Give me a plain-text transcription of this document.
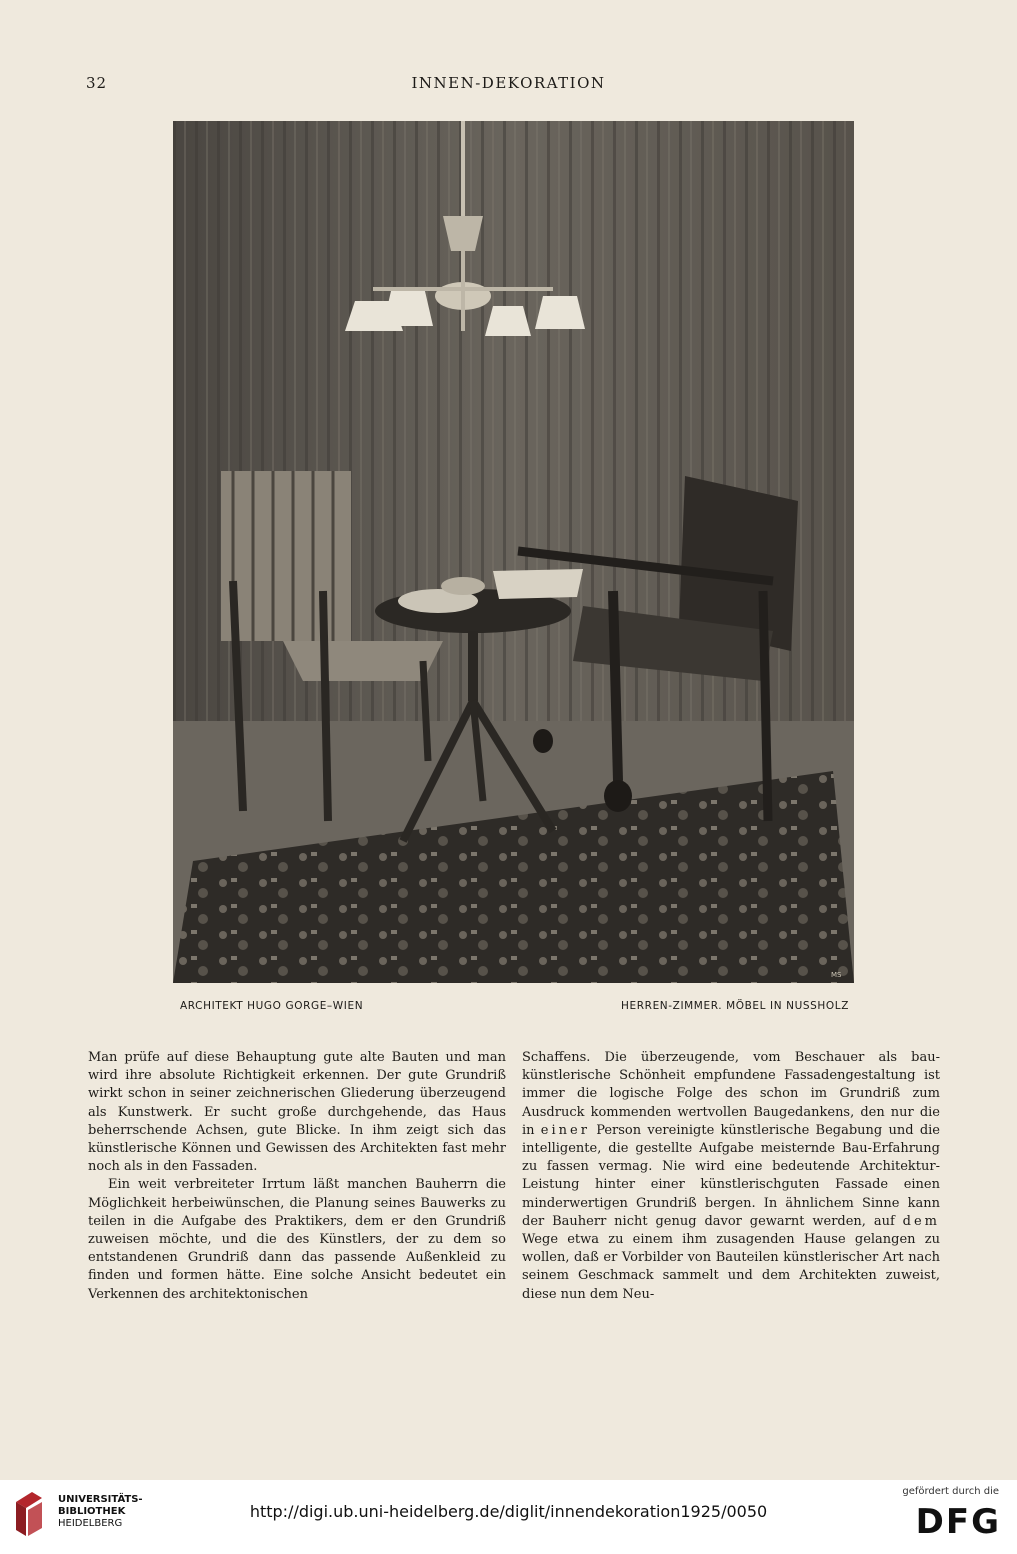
32	INNEN-DEKORATION
MS
ARCHITEKT HUGO GORGE–WIEN	HERREN-ZIMMER. MÖBEL IN NUSSHOLZ

Man prüfe auf diese Behauptung gute alte Bauten und man wird ihre absolute Richtigkeit erkennen. Der gute Grundriß wirkt schon in seiner zeichnerischen Gliederung überzeugend als Kunstwerk. Er sucht große durchgehende, das Haus beherrschende Achsen, gute Blicke. In ihm zeigt sich das künstlerische Können und Gewissen des Architekten fast mehr noch als in den Fassaden.

Ein weit verbreiteter Irrtum läßt manchen Bauherrn die Möglichkeit herbeiwünschen, die Planung seines Bauwerks zu teilen in die Aufgabe des Praktikers, dem er den Grundriß zuweisen möchte, und die des Künstlers, der zu dem so entstandenen Grundriß dann das passende Außenkleid zu finden und formen hätte. Eine solche Ansicht bedeutet ein Verkennen des architektonischen

Schaffens. Die überzeugende, vom Beschauer als baukünstlerische Schönheit empfundene Fassadengestaltung ist immer die logische Folge des schon im Grundriß zum Ausdruck kommenden wertvollen Baugedankens, den nur die in einer Person vereinigte künstlerische Begabung und die intelligente, die gestellte Aufgabe meisternde Bau-Erfahrung zu fassen vermag. Nie wird eine bedeutende Architektur-Leistung hinter einer künstlerischguten Fassade einen minderwertigen Grundriß bergen. In ähnlichem Sinne kann der Bauherr nicht genug davor gewarnt werden, auf dem Wege etwa zu einem ihm zusagenden Hause gelangen zu wollen, daß er Vorbilder von Bauteilen künstlerischer Art nach seinem Geschmack sammelt und dem Architekten zuweist, diese nun dem Neu-

UNIVERSITÄTS-
BIBLIOTHEK
HEIDELBERG
http://digi.ub.uni-heidelberg.de/diglit/innendekoration1925/0050
gefördert durch die
DFG
